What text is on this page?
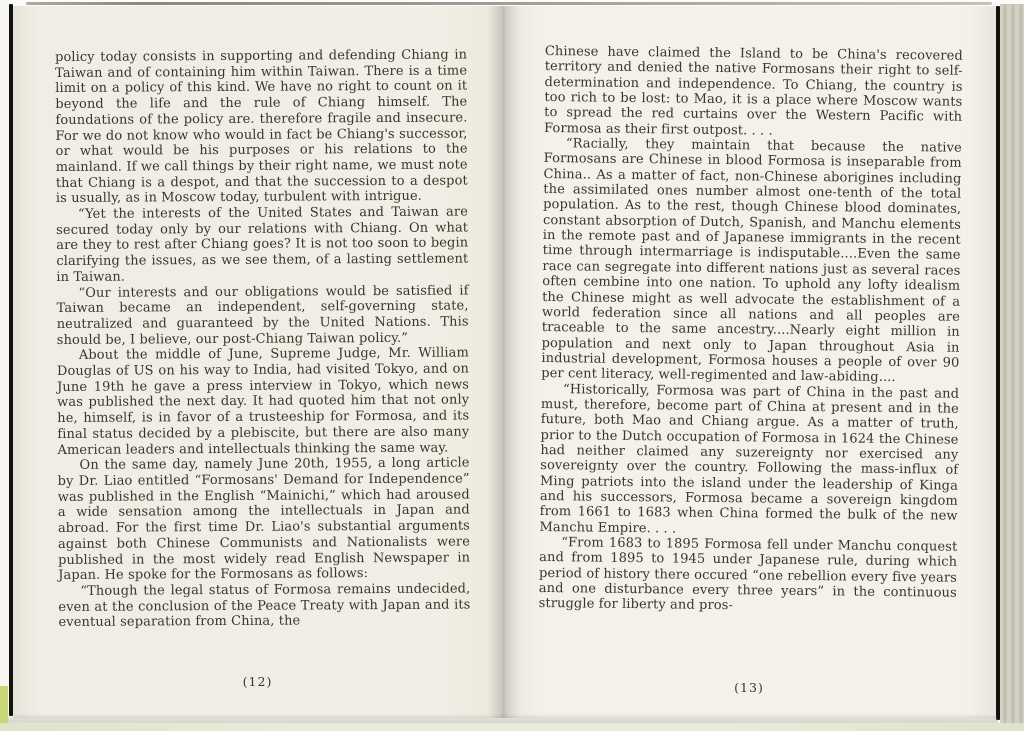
policy today consists in supporting and defending Chiang in Taiwan and of containing him within Taiwan. There is a time limit on a policy of this kind. We have no right to count on it beyond the life and the rule of Chiang himself. The foundations of the policy are. therefore fragile and insecure. For we do not know who would in fact be Chiang's successor, or what would be his purposes or his relations to the mainland. If we call things by their right name, we must note that Chiang is a despot, and that the succession to a despot is usually, as in Moscow today, turbulent with intrigue.

“Yet the interests of the United States and Taiwan are secured today only by our relations with Chiang. On what are they to rest after Chiang goes? It is not too soon to begin clarifying the issues, as we see them, of a lasting settlement in Taiwan.

“Our interests and our obligations would be satisfied if Taiwan became an independent, self-governing state, neutralized and guaranteed by the United Nations. This should be, I believe, our post-Chiang Taiwan policy.”

About the middle of June, Supreme Judge, Mr. William Douglas of US on his way to India, had visited Tokyo, and on June 19th he gave a press interview in Tokyo, which news was published the next day. It had quoted him that not only he, himself, is in favor of a trusteeship for Formosa, and its final status decided by a plebiscite, but there are also many American leaders and intellectuals thinking the same way.

On the same day, namely June 20th, 1955, a long article by Dr. Liao entitled “Formosans' Demand for Independence” was published in the English “Mainichi,” which had aroused a wide sensation among the intellectuals in Japan and abroad. For the first time Dr. Liao's substantial arguments against both Chinese Communists and Nationalists were published in the most widely read English Newspaper in Japan. He spoke for the Formosans as follows:

“Though the legal status of Formosa remains undecided, even at the conclusion of the Peace Treaty with Japan and its eventual separation from China, the

(12)

Chinese have claimed the Island to be China's recovered territory and denied the native Formosans their right to self-determination and independence. To Chiang, the country is too rich to be lost: to Mao, it is a place where Moscow wants to spread the red curtains over the Western Pacific with Formosa as their first outpost. . . .

“Racially, they maintain that because the native Formosans are Chinese in blood Formosa is inseparable from China.. As a matter of fact, non-Chinese aborigines including the assimilated ones number almost one-tenth of the total population. As to the rest, though Chinese blood dominates, constant absorption of Dutch, Spanish, and Manchu elements in the remote past and of Japanese immigrants in the recent time through intermarriage is indisputable....Even the same race can segregate into different nations just as several races often cembine into one nation. To uphold any lofty idealism the Chinese might as well advocate the establishment of a world federation since all nations and all peoples are traceable to the same ancestry....Nearly eight million in population and next only to Japan throughout Asia in industrial development, Formosa houses a people of over 90 per cent literacy, well-regimented and law-abiding....

“Historically, Formosa was part of China in the past and must, therefore, become part of China at present and in the future, both Mao and Chiang argue. As a matter of truth, prior to the Dutch occupation of Formosa in 1624 the Chinese had neither claimed any suzereignty nor exercised any sovereignty over the country. Following the mass-influx of Ming patriots into the island under the leadership of Kinga and his successors, Formosa became a sovereign kingdom from 1661 to 1683 when China formed the bulk of the new Manchu Empire. . . .

“From 1683 to 1895 Formosa fell under Manchu conquest and from 1895 to 1945 under Japanese rule, during which period of history there occured “one rebellion every five years and one disturbance every three years” in the continuous struggle for liberty and pros-

(13)
